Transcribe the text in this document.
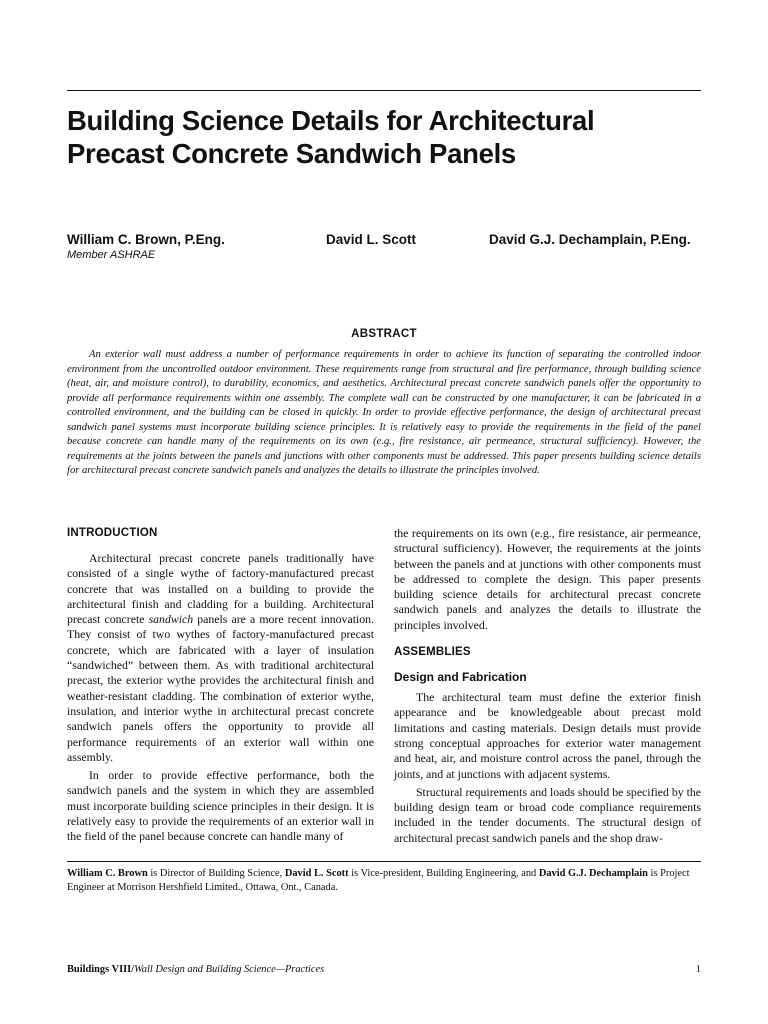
Building Science Details for Architectural
Precast Concrete Sandwich Panels
William C. Brown, P.Eng.
Member ASHRAE
David L. Scott	David G.J. Dechamplain, P.Eng.
ABSTRACT

An exterior wall must address a number of performance requirements in order to achieve its function of separating the controlled indoor environment from the uncontrolled outdoor environment. These requirements range from structural and fire performance, through building science (heat, air, and moisture control), to durability, economics, and aesthetics. Architectural precast concrete sandwich panels offer the opportunity to provide all performance requirements within one assembly. The complete wall can be constructed by one manufacturer, it can be fabricated in a controlled environment, and the building can be closed in quickly. In order to provide effective performance, the design of architectural precast sandwich panel systems must incorporate building science principles. It is relatively easy to provide the requirements in the field of the panel because concrete can handle many of the requirements on its own (e.g., fire resistance, air permeance, structural sufficiency). However, the requirements at the joints between the panels and junctions with other components must be addressed. This paper presents building science details for architectural precast concrete sandwich panels and analyzes the details to illustrate the principles involved.

INTRODUCTION

Architectural precast concrete panels traditionally have consisted of a single wythe of factory-manufactured precast concrete that was installed on a building to provide the architectural finish and cladding for a building. Architectural precast concrete sandwich panels are a more recent innovation. They consist of two wythes of factory-manufactured precast concrete, which are fabricated with a layer of insulation “sandwiched” between them. As with traditional architectural precast, the exterior wythe provides the architectural finish and weather-resistant cladding. The combination of exterior wythe, insulation, and interior wythe in architectural precast concrete sandwich panels offers the opportunity to provide all performance requirements of an exterior wall within one assembly.

In order to provide effective performance, both the sandwich panels and the system in which they are assembled must incorporate building science principles in their design. It is relatively easy to provide the requirements of an exterior wall in the field of the panel because concrete can handle many of

the requirements on its own (e.g., fire resistance, air permeance, structural sufficiency). However, the requirements at the joints between the panels and at junctions with other components must be addressed to complete the design. This paper presents building science details for architectural precast concrete sandwich panels and analyzes the details to illustrate the principles involved.

ASSEMBLIES
Design and Fabrication

The architectural team must define the exterior finish appearance and be knowledgeable about precast mold limitations and casting materials. Design details must provide strong conceptual approaches for exterior water management and heat, air, and moisture control across the panel, through the joints, and at junctions with adjacent systems.

Structural requirements and loads should be specified by the building design team or broad code compliance requirements included in the tender documents. The structural design of architectural precast sandwich panels and the shop draw-

William C. Brown is Director of Building Science, David L. Scott is Vice-president, Building Engineering, and David G.J. Dechamplain is Project Engineer at Morrison Hershfield Limited., Ottawa, Ont., Canada.

Buildings VIII/Wall Design and Building Science—Practices	1
